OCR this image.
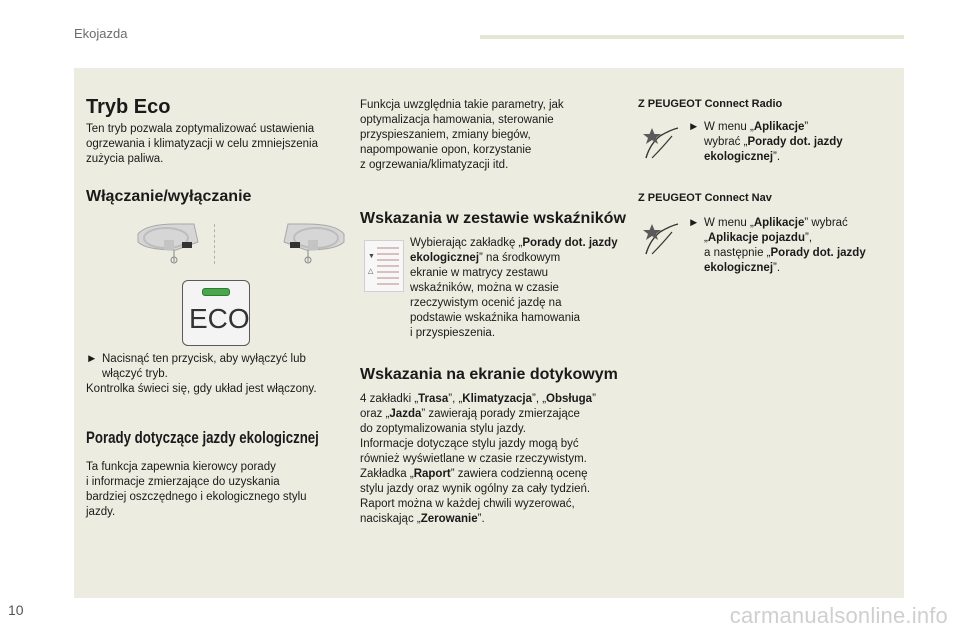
Ekojazda
Tryb Eco
Ten tryb pozwala zoptymalizować ustawienia
ogrzewania i klimatyzacji w celu zmniejszenia
zużycia paliwa.
Włączanie/wyłączanie
ECO
► Nacisnąć ten przycisk, aby wyłączyć lub
włączyć tryb.
Kontrolka świeci się, gdy układ jest włączony.
Porady dotyczące jazdy ekologicznej
Ta funkcja zapewnia kierowcy porady
i informacje zmierzające do uzyskania
bardziej oszczędnego i ekologicznego stylu
jazdy.
Funkcja uwzględnia takie parametry, jak
optymalizacja hamowania, sterowanie
przyspieszaniem, zmiany biegów,
napompowanie opon, korzystanie
z ogrzewania/klimatyzacji itd.
Wskazania w zestawie wskaźników
▼
△
Wybierając zakładkę „Porady dot. jazdy ekologicznej” na środkowym
ekranie w matrycy zestawu
wskaźników, można w czasie
rzeczywistym ocenić jazdę na
podstawie wskaźnika hamowania
i przyspieszenia.
Wskazania na ekranie dotykowym
4 zakładki „Trasa”, „Klimatyzacja”, „Obsługa”
oraz „Jazda” zawierają porady zmierzające
do zoptymalizowania stylu jazdy.
Informacje dotyczące stylu jazdy mogą być
również wyświetlane w czasie rzeczywistym.
Zakładka „Raport” zawiera codzienną ocenę
stylu jazdy oraz wynik ogólny za cały tydzień.
Raport można w każdej chwili wyzerować,
naciskając „Zerowanie”.
Z PEUGEOT Connect Radio
► W menu „Aplikacje”
wybrać „Porady dot. jazdy ekologicznej”.
Z PEUGEOT Connect Nav
► W menu „Aplikacje” wybrać
„Aplikacje pojazdu”,
a następnie „Porady dot. jazdy ekologicznej”.
10	carmanualsonline.info
